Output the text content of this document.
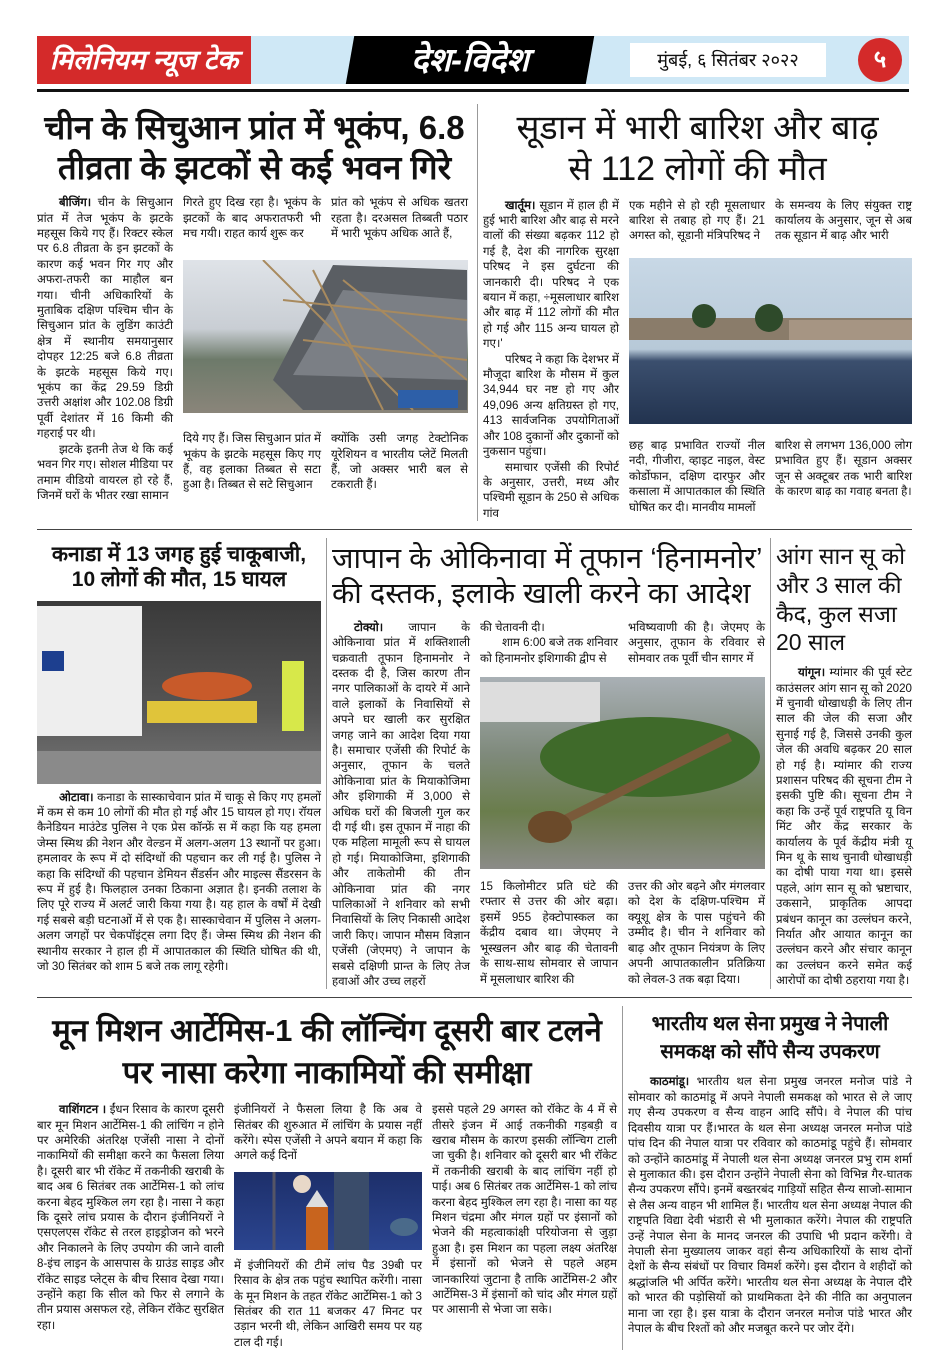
मिलेनियम न्यूज टेक	देश-विदेश	मुंबई, ६ सितंबर २०२२	५
चीन के सिचुआन प्रांत में भूकंप, 6.8
तीव्रता के झटकों से कई भवन गिरे

बीजिंग। चीन के सिचुआन प्रांत में तेज भूकंप के झटके महसूस किये गए हैं। रिक्टर स्केल पर 6.8 तीव्रता के इन झटकों के कारण कई भवन गिर गए और अफरा-तफरी का माहौल बन गया। चीनी अधिकारियों के मुताबिक दक्षिण पश्चिम चीन के सिचुआन प्रांत के लुडिंग काउंटी क्षेत्र में स्थानीय समयानुसार दोपहर 12:25 बजे 6.8 तीव्रता के झटके महसूस किये गए। भूकंप का केंद्र 29.59 डिग्री उत्तरी अक्षांश और 102.08 डिग्री पूर्वी देशांतर में 16 किमी की गहराई पर थी।

झटके इतनी तेज थे कि कई भवन गिर गए। सोशल मीडिया पर तमाम वीडियो वायरल हो रहे हैं, जिनमें घरों के भीतर रखा सामान

गिरते हुए दिख रहा है। भूकंप के झटकों के बाद अफरातफरी भी मच गयी। राहत कार्य शुरू कर
प्रांत को भूकंप से अधिक खतरा रहता है। दरअसल तिब्बती पठार में भारी भूकंप अधिक आते हैं,
दिये गए हैं। जिस सिचुआन प्रांत में भूकंप के झटके महसूस किए गए हैं, वह इलाका तिब्बत से सटा हुआ है। तिब्बत से सटे सिचुआन
क्योंकि उसी जगह टेक्टोनिक यूरेशियन व भारतीय प्लेटें मिलती हैं, जो अक्सर भारी बल से टकराती हैं।
सूडान में भारी बारिश और बाढ़
से 112 लोगों की मौत

खार्तूम। सूडान में हाल ही में हुई भारी बारिश और बाढ़ से मरने वालों की संख्या बढ़कर 112 हो गई है, देश की नागरिक सुरक्षा परिषद ने इस दुर्घटना की जानकारी दी। परिषद ने एक बयान में कहा, ÷मूसलाधार बारिश और बाढ़ में 112 लोगों की मौत हो गई और 115 अन्य घायल हो गए।'

परिषद ने कहा कि देशभर में मौजूदा बारिश के मौसम में कुल 34,944 घर नष्ट हो गए और 49,096 अन्य क्षतिग्रस्त हो गए, 413 सार्वजनिक उपयोगिताओं और 108 दुकानों और दुकानों को नुकसान पहुंचा।

समाचार एजेंसी की रिपोर्ट के अनुसार, उत्तरी, मध्य और पश्चिमी सूडान के 250 से अधिक गांव

एक महीने से हो रही मूसलाधार बारिश से तबाह हो गए हैं। 21 अगस्त को, सूडानी मंत्रिपरिषद ने
के समन्वय के लिए संयुक्त राष्ट्र कार्यालय के अनुसार, जून से अब तक सूडान में बाढ़ और भारी
छह बाढ़ प्रभावित राज्यों नील नदी, गीजीरा, व्हाइट नाइल, वेस्ट कोर्डोफान, दक्षिण दारफुर और कसाला में आपातकाल की स्थिति घोषित कर दी। मानवीय मामलों
बारिश से लगभग 136,000 लोग प्रभावित हुए हैं। सूडान अक्सर जून से अक्टूबर तक भारी बारिश के कारण बाढ़ का गवाह बनता है।
कनाडा में 13 जगह हुई चाकूबाजी,
10 लोगों की मौत, 15 घायल

ओटावा। कनाडा के सास्काचेवान प्रांत में चाकू से किए गए हमलों में कम से कम 10 लोगों की मौत हो गई और 15 घायल हो गए। रॉयल कैनेडियन माउंटेड पुलिस ने एक प्रेस कॉन्फ्रें स में कहा कि यह हमला जेम्स स्मिथ क्री नेशन और वेल्डन में अलग-अलग 13 स्थानों पर हुआ। हमलावर के रूप में दो संदिग्धों की पहचान कर ली गई है। पुलिस ने कहा कि संदिग्धों की पहचान डेमियन सैंडर्सन और माइल्स सैंडरसन के रूप में हुई है। फिलहाल उनका ठिकाना अज्ञात है। इनकी तलाश के लिए पूरे राज्य में अलर्ट जारी किया गया है। यह हाल के वर्षों में देखी गई सबसे बड़ी घटनाओं में से एक है। सास्काचेवान में पुलिस ने अलग-अलग जगहों पर चेकपॉइंट्स लगा दिए हैं। जेम्स स्मिथ क्री नेशन की स्थानीय सरकार ने हाल ही में आपातकाल की स्थिति घोषित की थी, जो 30 सितंबर को शाम 5 बजे तक लागू रहेगी।

जापान के ओकिनावा में तूफान ‘हिनामनोर’
की दस्तक, इलाके खाली करने का आदेश

टोक्यो। जापान के ओकिनावा प्रांत में शक्तिशाली चक्रवाती तूफान हिनामनोर ने दस्तक दी है, जिस कारण तीन नगर पालिकाओं के दायरे में आने वाले इलाकों के निवासियों से अपने घर खाली कर सुरक्षित जगह जाने का आदेश दिया गया है। समाचार एजेंसी की रिपोर्ट के अनुसार, तूफान के चलते ओकिनावा प्रांत के मियाकोजिमा और इशिगाकी में 3,000 से अधिक घरों की बिजली गुल कर दी गई थी। इस तूफान में नाहा की एक महिला मामूली रूप से घायल हो गई। मियाकोजिमा, इशिगाकी और ताकेतोमी की तीन ओकिनावा प्रांत की नगर पालिकाओं ने शनिवार को सभी निवासियों के लिए निकासी आदेश जारी किए। जापान मौसम विज्ञान एजेंसी (जेएमए) ने जापान के सबसे दक्षिणी प्रान्त के लिए तेज हवाओं और उच्च लहरों

की चेतावनी दी।

शाम 6:00 बजे तक शनिवार को हिनामनोर इशिगाकी द्वीप से

भविष्यवाणी की है। जेएमए के अनुसार, तूफान के रविवार से सोमवार तक पूर्वी चीन सागर में
15 किलोमीटर प्रति घंटे की रफ्तार से उत्तर की ओर बढ़ा। इसमें 955 हेक्टोपास्कल का केंद्रीय दबाव था। जेएमए ने भूस्खलन और बाढ़ की चेतावनी के साथ-साथ सोमवार से जापान में मूसलाधार बारिश की
उत्तर की ओर बढ़ने और मंगलवार को देश के दक्षिण-पश्चिम में क्यूशू क्षेत्र के पास पहुंचने की उम्मीद है। चीन ने शनिवार को बाढ़ और तूफान नियंत्रण के लिए अपनी आपातकालीन प्रतिक्रिया को लेवल-3 तक बढ़ा दिया।
आंग सान सू को और 3 साल की कैद, कुल सजा 20 साल

यांगून। म्यांमार की पूर्व स्टेट काउंसलर आंग सान सू को 2020 में चुनावी धोखाधड़ी के लिए तीन साल की जेल की सजा और सुनाई गई है, जिससे उनकी कुल जेल की अवधि बढ़कर 20 साल हो गई है। म्यांमार की राज्य प्रशासन परिषद की सूचना टीम ने इसकी पुष्टि की। सूचना टीम ने कहा कि उन्हें पूर्व राष्ट्रपति यू विन मिंट और केंद्र सरकार के कार्यालय के पूर्व केंद्रीय मंत्री यू मिन थू के साथ चुनावी धोखाधड़ी का दोषी पाया गया था। इससे पहले, आंग सान सू को भ्रष्टाचार, उकसाने, प्राकृतिक आपदा प्रबंधन कानून का उल्लंघन करने, निर्यात और आयात कानून का उल्लंघन करने और संचार कानून का उल्लंघन करने समेत कई आरोपों का दोषी ठहराया गया है।

मून मिशन आर्टेमिस-1 की लॉन्चिंग दूसरी बार टलने
पर नासा करेगा नाकामियों की समीक्षा

वाशिंगटन । ईंधन रिसाव के कारण दूसरी बार मून मिशन आर्टेमिस-1 की लांचिंग न होने पर अमेरिकी अंतरिक्ष एजेंसी नासा ने दोनों नाकामियों की समीक्षा करने का फैसला लिया है। दूसरी बार भी रॉकेट में तकनीकी खराबी के बाद अब 6 सितंबर तक आर्टेमिस-1 को लांच करना बेहद मुश्किल लग रहा है। नासा ने कहा कि दूसरे लांच प्रयास के दौरान इंजीनियरों ने एसएलएस रॉकेट से तरल हाइड्रोजन को भरने और निकालने के लिए उपयोग की जाने वाली 8-इंच लाइन के आसपास के ग्राउंड साइड और रॉकेट साइड प्लेट्स के बीच रिसाव देखा गया। उन्होंने कहा कि सील को फिर से लगाने के तीन प्रयास असफल रहे, लेकिन रॉकेट सुरक्षित रहा।

इंजीनियरों ने फैसला लिया है कि अब वे सितंबर की शुरुआत में लांचिंग के प्रयास नहीं करेंगे। स्पेस एजेंसी ने अपने बयान में कहा कि अगले कई दिनों
में इंजीनियरों की टीमें लांच पैड 39बी पर रिसाव के क्षेत्र तक पहुंच स्थापित करेंगी। नासा के मून मिशन के तहत रॉकेट आर्टेमिस-1 को 3 सितंबर की रात 11 बजकर 47 मिनट पर उड़ान भरनी थी, लेकिन आखिरी समय पर यह टाल दी गई।
इससे पहले 29 अगस्त को रॉकेट के 4 में से तीसरे इंजन में आई तकनीकी गड़बड़ी व खराब मौसम के कारण इसकी लॉन्चिग टाली जा चुकी है। शनिवार को दूसरी बार भी रॉकेट में तकनीकी खराबी के बाद लांचिंग नहीं हो पाई। अब 6 सितंबर तक आर्टेमिस-1 को लांच करना बेहद मुश्किल लग रहा है। नासा का यह मिशन चंद्रमा और मंगल ग्रहों पर इंसानों को भेजने की महत्वाकांक्षी परियोजना से जुड़ा हुआ है। इस मिशन का पहला लक्ष्य अंतरिक्ष में इंसानों को भेजने से पहले अहम जानकारियां जुटाना है ताकि आर्टेमिस-2 और आर्टेमिस-3 में इंसानों को चांद और मंगल ग्रहों पर आसानी से भेजा जा सके।
भारतीय थल सेना प्रमुख ने नेपाली
समकक्ष को सौंपे सैन्य उपकरण

काठमांडू। भारतीय थल सेना प्रमुख जनरल मनोज पांडे ने सोमवार को काठमांडू में अपने नेपाली समकक्ष को भारत से ले जाए गए सैन्य उपकरण व सैन्य वाहन आदि सौंपे। वे नेपाल की पांच दिवसीय यात्रा पर हैं।भारत के थल सेना अध्यक्ष जनरल मनोज पांडे पांच दिन की नेपाल यात्रा पर रविवार को काठमांडू पहुंचे हैं। सोमवार को उन्होंने काठमांडू में नेपाली थल सेना अध्यक्ष जनरल प्रभु राम शर्मा से मुलाकात की। इस दौरान उन्होंने नेपाली सेना को विभिन्न गैर-घातक सैन्य उपकरण सौंपे। इनमें बख्तरबंद गाड़ियों सहित सैन्य साजो-सामान से लैस अन्य वाहन भी शामिल हैं। भारतीय थल सेना अध्यक्ष नेपाल की राष्ट्रपति विद्या देवी भंडारी से भी मुलाकात करेंगे। नेपाल की राष्ट्रपति उन्हें नेपाल सेना के मानद जनरल की उपाधि भी प्रदान करेंगी। वे नेपाली सेना मुख्यालय जाकर वहां सैन्य अधिकारियों के साथ दोनों देशों के सैन्य संबंधों पर विचार विमर्श करेंगे। इस दौरान वे शहीदों को श्रद्धांजलि भी अर्पित करेंगे। भारतीय थल सेना अध्यक्ष के नेपाल दौरे को भारत की पड़ोसियों को प्राथमिकता देने की नीति का अनुपालन माना जा रहा है। इस यात्रा के दौरान जनरल मनोज पांडे भारत और नेपाल के बीच रिश्तों को और मजबूत करने पर जोर देंगे।
